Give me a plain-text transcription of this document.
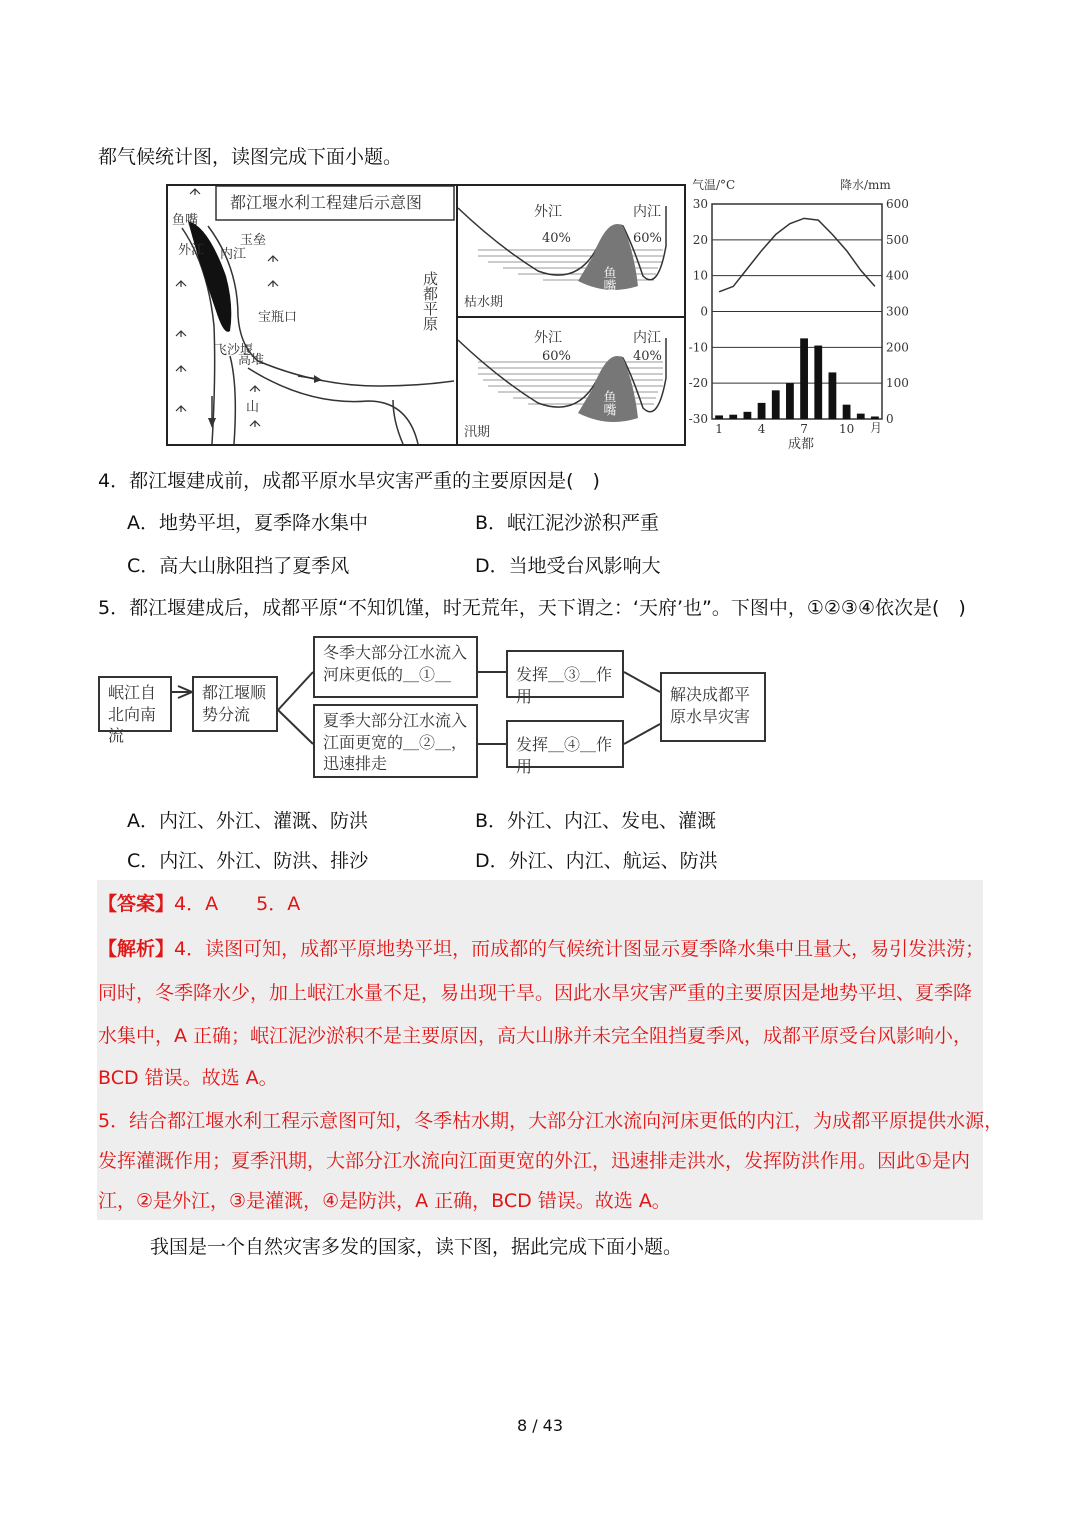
都气候统计图，读图完成下面小题。
都江堰水利工程建后示意图
鱼嘴
外江 内江
玉垒
宝瓶口
飞沙堰
高堆
山
成都平原
外江
40%
内江
60%
鱼嘴
枯水期
外江
60%
内江
40%
鱼嘴
汛期
气温/°C	降水/mm
成都
月
30	600
20	500
10	400
0	300
-10	200
-20	100
-30	0
1	4	7	10
4．都江堰建成前，成都平原水旱灾害严重的主要原因是(　)
A．地势平坦，夏季降水集中	B．岷江泥沙淤积严重
C．高大山脉阻挡了夏季风	D．当地受台风影响大
5．都江堰建成后，成都平原“不知饥馑，时无荒年，天下谓之：‘天府’也”。下图中，①②③④依次是(　)
岷江自北向南流
都江堰顺势分流
冬季大部分江水流入河床更低的＿①＿
夏季大部分江水流入江面更宽的＿②＿，迅速排走
发挥＿③＿作用
发挥＿④＿作用
解决成都平原水旱灾害
A．内江、外江、灌溉、防洪	B．外江、内江、发电、灌溉
C．内江、外江、防洪、排沙	D．外江、内江、航运、防洪
【答案】4．A　　5．A
【解析】4．读图可知，成都平原地势平坦，而成都的气候统计图显示夏季降水集中且量大，易引发洪涝；
同时，冬季降水少，加上岷江水量不足，易出现干旱。因此水旱灾害严重的主要原因是地势平坦、夏季降
水集中，A 正确；岷江泥沙淤积不是主要原因，高大山脉并未完全阻挡夏季风，成都平原受台风影响小，
BCD 错误。故选 A。
5．结合都江堰水利工程示意图可知，冬季枯水期，大部分江水流向河床更低的内江，为成都平原提供水源，
发挥灌溉作用；夏季汛期，大部分江水流向江面更宽的外江，迅速排走洪水，发挥防洪作用。因此①是内
江，②是外江，③是灌溉，④是防洪，A 正确，BCD 错误。故选 A。
我国是一个自然灾害多发的国家，读下图，据此完成下面小题。
8 / 43
